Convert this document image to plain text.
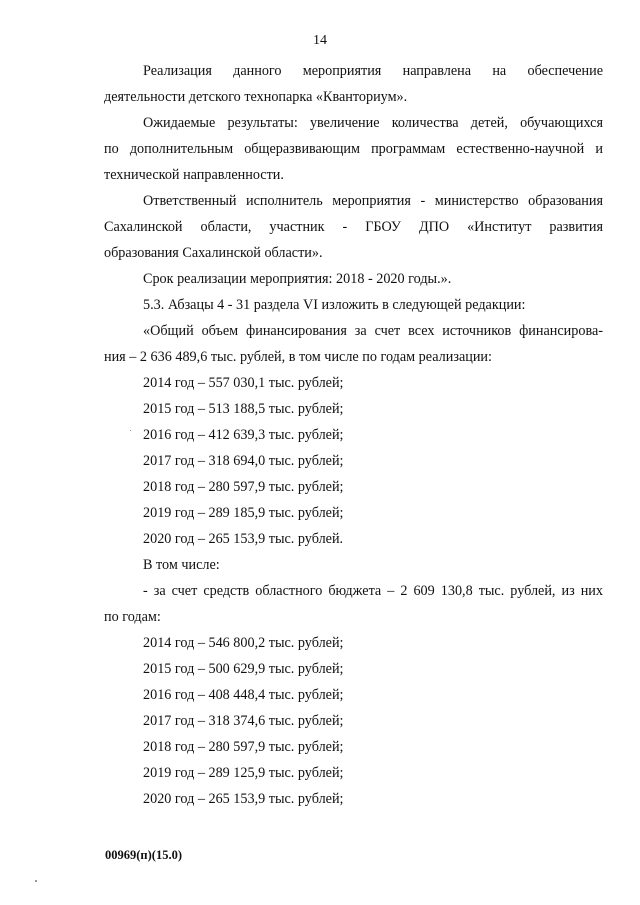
14
Реализация данного мероприятия направлена на обеспечение
деятельности детского технопарка «Кванториум».
Ожидаемые результаты: увеличение количества детей, обучающихся
по дополнительным общеразвивающим программам естественно-научной и
технической направленности.
Ответственный исполнитель мероприятия - министерство образования
Сахалинской области, участник - ГБОУ ДПО «Институт развития
образования Сахалинской области».
Срок реализации мероприятия: 2018 - 2020 годы.».
5.3. Абзацы 4 - 31 раздела VI изложить в следующей редакции:
«Общий объем финансирования за счет всех источников финансирова-
ния – 2 636 489,6 тыс. рублей, в том числе по годам реализации:
2014 год – 557 030,1 тыс. рублей;
2015 год – 513 188,5 тыс. рублей;
2016 год – 412 639,3 тыс. рублей;
2017 год – 318 694,0 тыс. рублей;
2018 год – 280 597,9 тыс. рублей;
2019 год – 289 185,9 тыс. рублей;
2020 год – 265 153,9 тыс. рублей.
В том числе:
- за счет средств областного бюджета – 2 609 130,8 тыс. рублей, из них
по годам:
2014 год – 546 800,2 тыс. рублей;
2015 год – 500 629,9 тыс. рублей;
2016 год – 408 448,4 тыс. рублей;
2017 год – 318 374,6 тыс. рублей;
2018 год – 280 597,9 тыс. рублей;
2019 год – 289 125,9 тыс. рублей;
2020 год – 265 153,9 тыс. рублей;
00969(п)(15.0)
